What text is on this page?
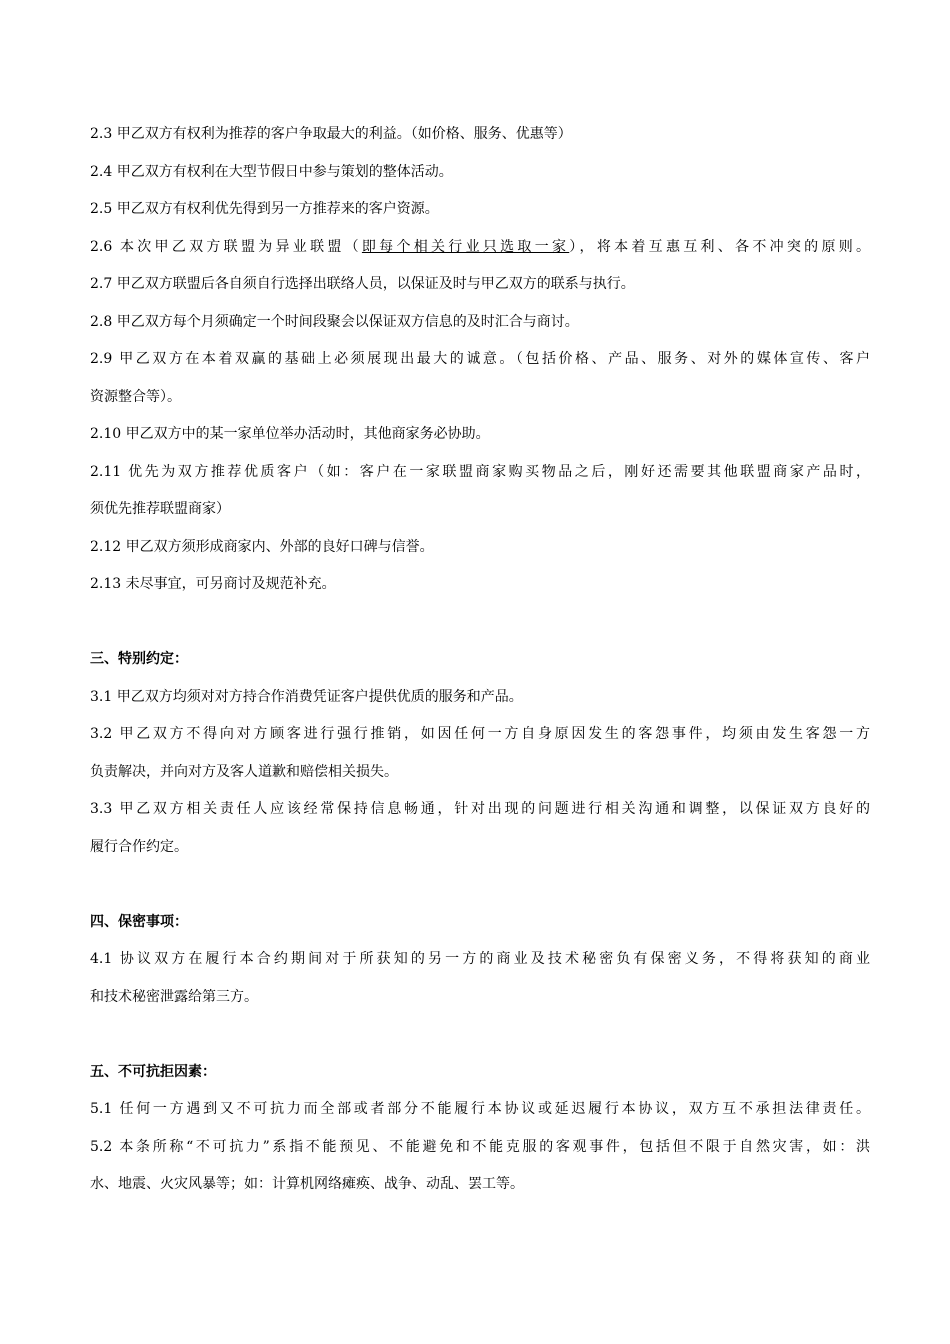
2.3 甲乙双方有权利为推荐的客户争取最大的利益。（如价格、服务、优惠等）
2.4 甲乙双方有权利在大型节假日中参与策划的整体活动。
2.5 甲乙双方有权利优先得到另一方推荐来的客户资源。
2.6 本次甲乙双方联盟为异业联盟（即每个相关行业只选取一家），将本着互惠互利、各不冲突的原则。
2.7 甲乙双方联盟后各自须自行选择出联络人员，以保证及时与甲乙双方的联系与执行。
2.8 甲乙双方每个月须确定一个时间段聚会以保证双方信息的及时汇合与商讨。
2.9 甲乙双方在本着双赢的基础上必须展现出最大的诚意。（包括价格、产品、服务、对外的媒体宣传、客户
资源整合等）。
2.10 甲乙双方中的某一家单位举办活动时，其他商家务必协助。
2.11 优先为双方推荐优质客户（如：客户在一家联盟商家购买物品之后，刚好还需要其他联盟商家产品时，
须优先推荐联盟商家）
2.12 甲乙双方须形成商家内、外部的良好口碑与信誉。
2.13 未尽事宜，可另商讨及规范补充。
三、特别约定：
3.1 甲乙双方均须对对方持合作消费凭证客户提供优质的服务和产品。
3.2 甲乙双方不得向对方顾客进行强行推销，如因任何一方自身原因发生的客怨事件，均须由发生客怨一方
负责解决，并向对方及客人道歉和赔偿相关损失。
3.3 甲乙双方相关责任人应该经常保持信息畅通，针对出现的问题进行相关沟通和调整，以保证双方良好的
履行合作约定。
四、保密事项：
4.1 协议双方在履行本合约期间对于所获知的另一方的商业及技术秘密负有保密义务，不得将获知的商业
和技术秘密泄露给第三方。
五、不可抗拒因素：
5.1 任何一方遇到又不可抗力而全部或者部分不能履行本协议或延迟履行本协议，双方互不承担法律责任。
5.2 本条所称“不可抗力”系指不能预见、不能避免和不能克服的客观事件，包括但不限于自然灾害，如：洪
水、地震、火灾风暴等；如：计算机网络瘫痪、战争、动乱、罢工等。
